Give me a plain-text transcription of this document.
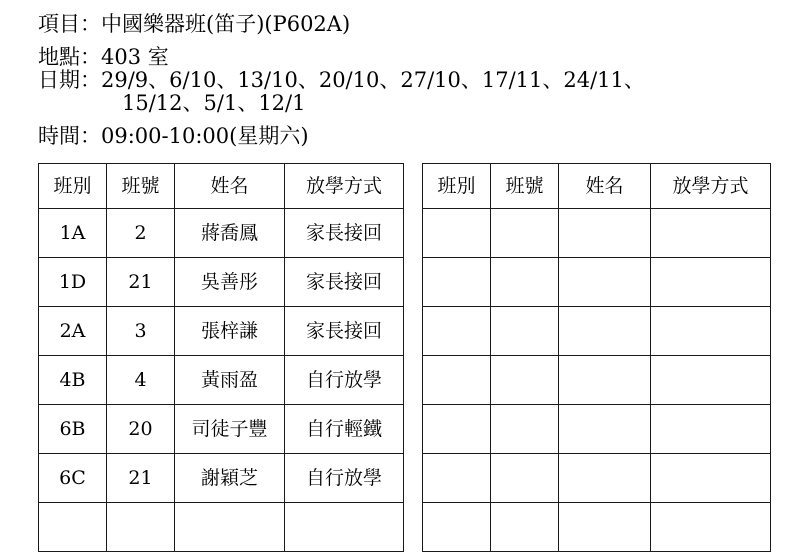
項目： 中國樂器班(笛子)(P602A)
地點： 403 室
日期： 29/9、6/10、13/10、20/10、27/10、17/11、24/11、
15/12、5/1、12/1
時間： 09:00-10:00(星期六)
班別	班號	姓名	放學方式
1A	2	蔣喬鳳	家長接回
1D	21	吳善彤	家長接回
2A	3	張梓謙	家長接回
4B	4	黃雨盈	自行放學
6B	20	司徒子豐	自行輕鐵
6C	21	謝穎芝	自行放學

班別	班號	姓名	放學方式
